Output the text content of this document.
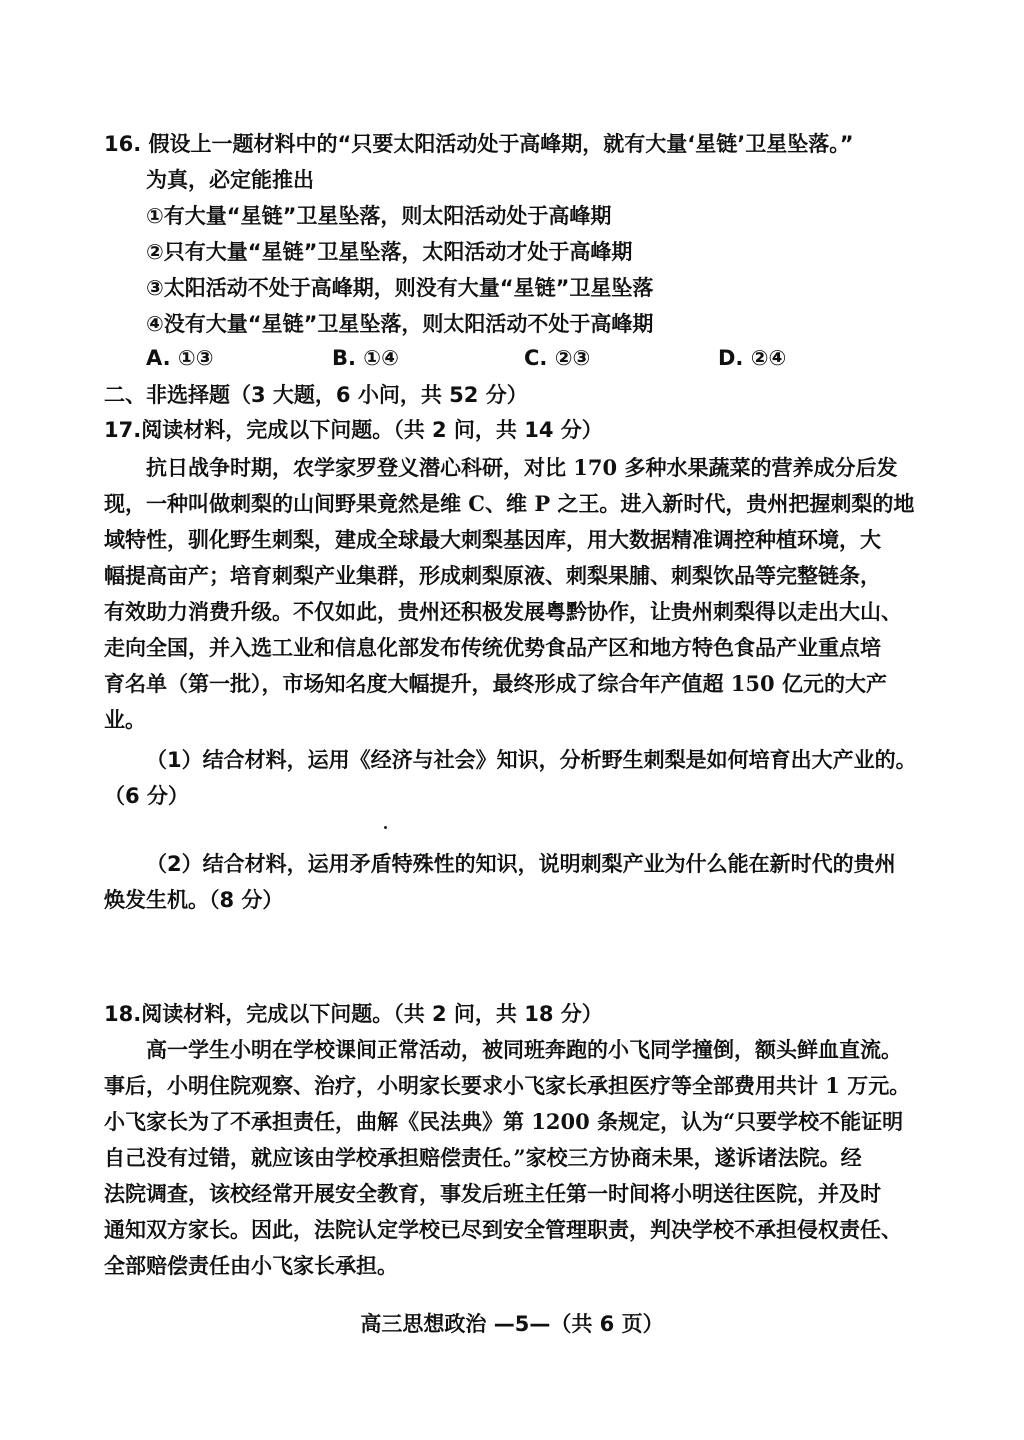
16. 假设上一题材料中的“只要太阳活动处于高峰期，就有大量‘星链’卫星坠落。”
为真，必定能推出
①有大量“星链”卫星坠落，则太阳活动处于高峰期
②只有大量“星链”卫星坠落，太阳活动才处于高峰期
③太阳活动不处于高峰期，则没有大量“星链”卫星坠落
④没有大量“星链”卫星坠落，则太阳活动不处于高峰期
A. ①③	B. ①④	C. ②③	D. ②④
二、非选择题（3 大题，6 小问，共 52 分）
17.阅读材料，完成以下问题。（共 2 问，共 14 分）

抗日战争时期，农学家罗登义潜心科研，对比 170 多种水果蔬菜的营养成分后发

现，一种叫做刺梨的山间野果竟然是维 C、维 P 之王。进入新时代，贵州把握刺梨的地

域特性，驯化野生刺梨，建成全球最大刺梨基因库，用大数据精准调控种植环境，大

幅提高亩产；培育刺梨产业集群，形成刺梨原液、刺梨果脯、刺梨饮品等完整链条，

有效助力消费升级。不仅如此，贵州还积极发展粤黔协作，让贵州刺梨得以走出大山、

走向全国，并入选工业和信息化部发布传统优势食品产区和地方特色食品产业重点培

育名单（第一批），市场知名度大幅提升，最终形成了综合年产值超 150 亿元的大产

业。

（1）结合材料，运用《经济与社会》知识，分析野生刺梨是如何培育出大产业的。
（6 分）
（2）结合材料，运用矛盾特殊性的知识，说明刺梨产业为什么能在新时代的贵州
焕发生机。（8 分）
18.阅读材料，完成以下问题。（共 2 问，共 18 分）

高一学生小明在学校课间正常活动，被同班奔跑的小飞同学撞倒，额头鲜血直流。

事后，小明住院观察、治疗，小明家长要求小飞家长承担医疗等全部费用共计 1 万元。

小飞家长为了不承担责任，曲解《民法典》第 1200 条规定，认为“只要学校不能证明

自己没有过错，就应该由学校承担赔偿责任。”家校三方协商未果，遂诉诸法院。经

法院调查，该校经常开展安全教育，事发后班主任第一时间将小明送往医院，并及时

通知双方家长。因此，法院认定学校已尽到安全管理职责，判决学校不承担侵权责任、

全部赔偿责任由小飞家长承担。

高三思想政治 —5—（共 6 页）
